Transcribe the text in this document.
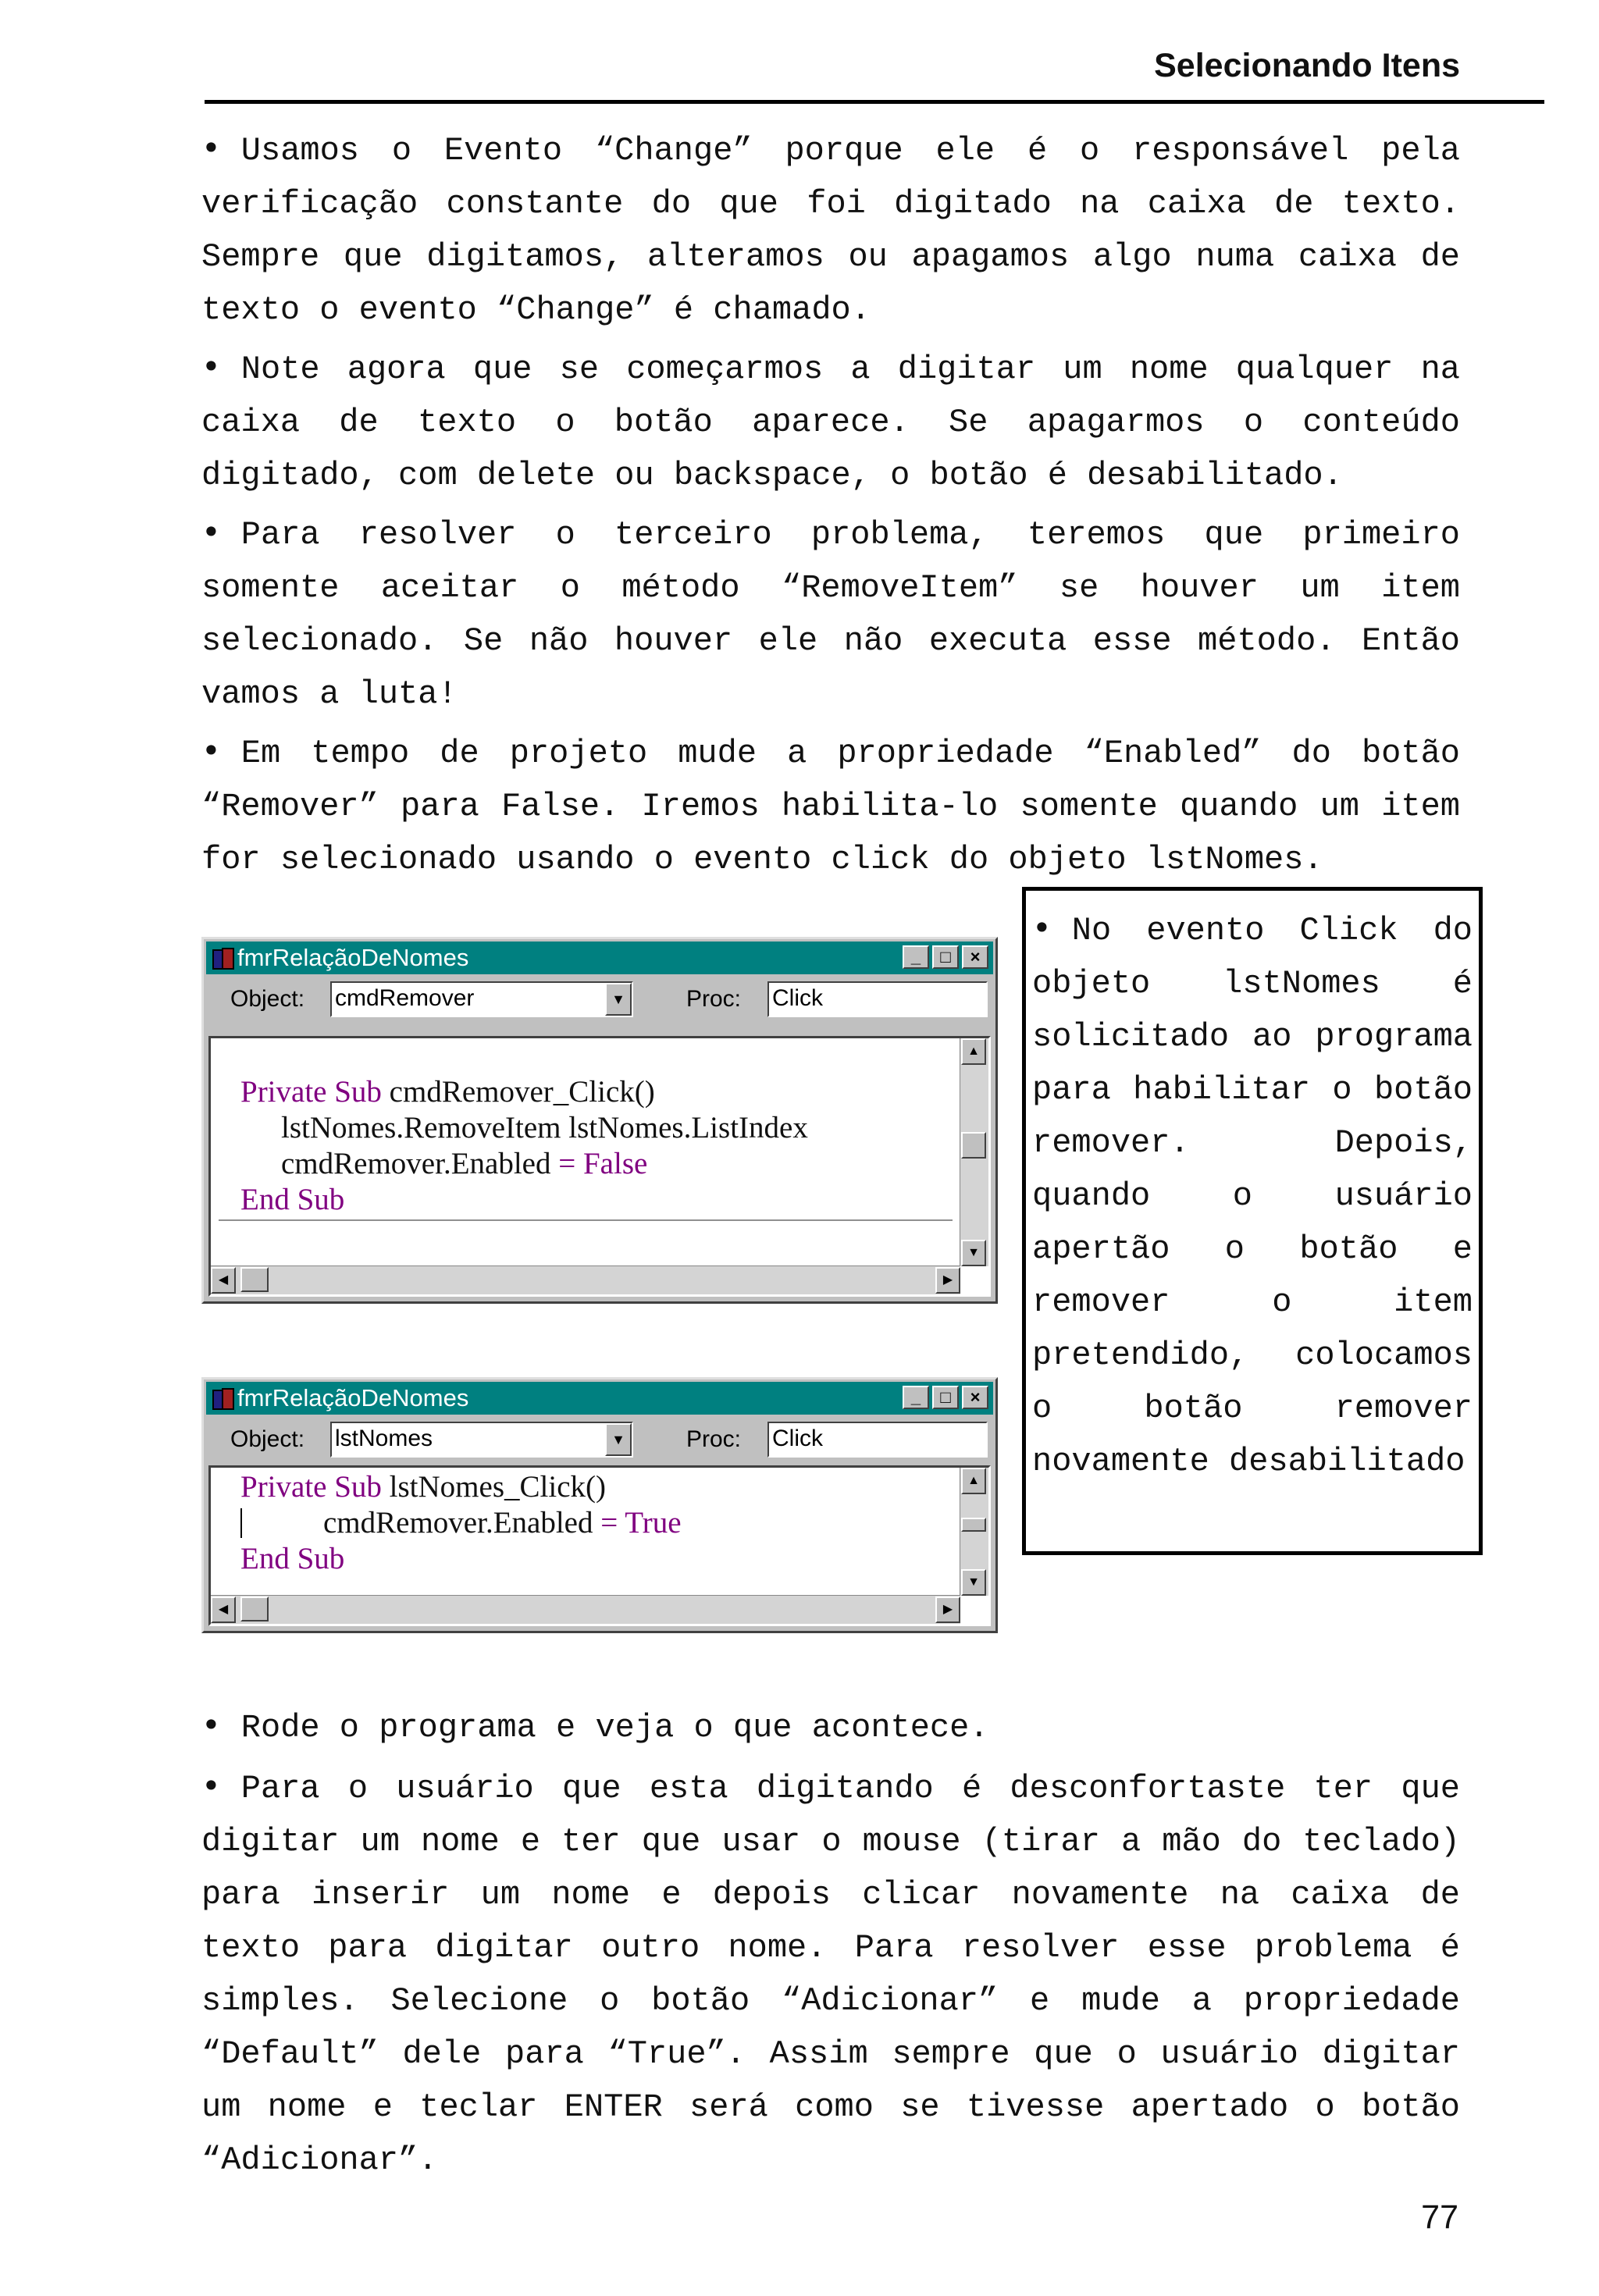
Selecionando Itens

• Usamos o Evento “Change” porque ele é o responsável pela verificação constante do que foi digitado na caixa de texto. Sempre que digitamos, alteramos ou apagamos algo numa caixa de texto o evento “Change” é chamado.

• Note agora que se começarmos a digitar um nome qualquer na caixa de texto o botão aparece. Se apagarmos o conteúdo digitado, com delete ou backspace, o botão é desabilitado.

• Para resolver o terceiro problema, teremos que primeiro somente aceitar o método “RemoveItem” se houver um item selecionado. Se não houver ele não executa esse método. Então vamos a luta!

• Em tempo de projeto mude a propriedade “Enabled” do botão “Remover” para False. Iremos habilita-lo somente quando um item for selecionado usando o evento click do objeto lstNomes.

fmrRelaçãoDeNomes	_	□	×
Object: cmdRemover	▼	Proc: Click
Private Sub cmdRemover_Click()
lstNomes.RemoveItem lstNomes.ListIndex
cmdRemover.Enabled = False
End Sub
▲
▼
◀	▶
fmrRelaçãoDeNomes	_	□	×
Object: lstNomes	▼	Proc: Click
Private Sub lstNomes_Click()
cmdRemover.Enabled = True
End Sub
▲
▼
◀	▶

• No evento Click do objeto lstNomes é solicitado ao programa para habilitar o botão remover. Depois, quando o usuário apertão o botão e remover o item pretendido, colocamos o botão remover novamente desabilitado

• Rode o programa e veja o que acontece.

• Para o usuário que esta digitando é desconfortaste ter que digitar um nome e ter que usar o mouse (tirar a mão do teclado) para inserir um nome e depois clicar novamente na caixa de texto para digitar outro nome. Para resolver esse problema é simples. Selecione o botão “Adicionar” e mude a propriedade “Default” dele para “True”. Assim sempre que o usuário digitar um nome e teclar ENTER será como se tivesse apertado o botão “Adicionar”.

77
